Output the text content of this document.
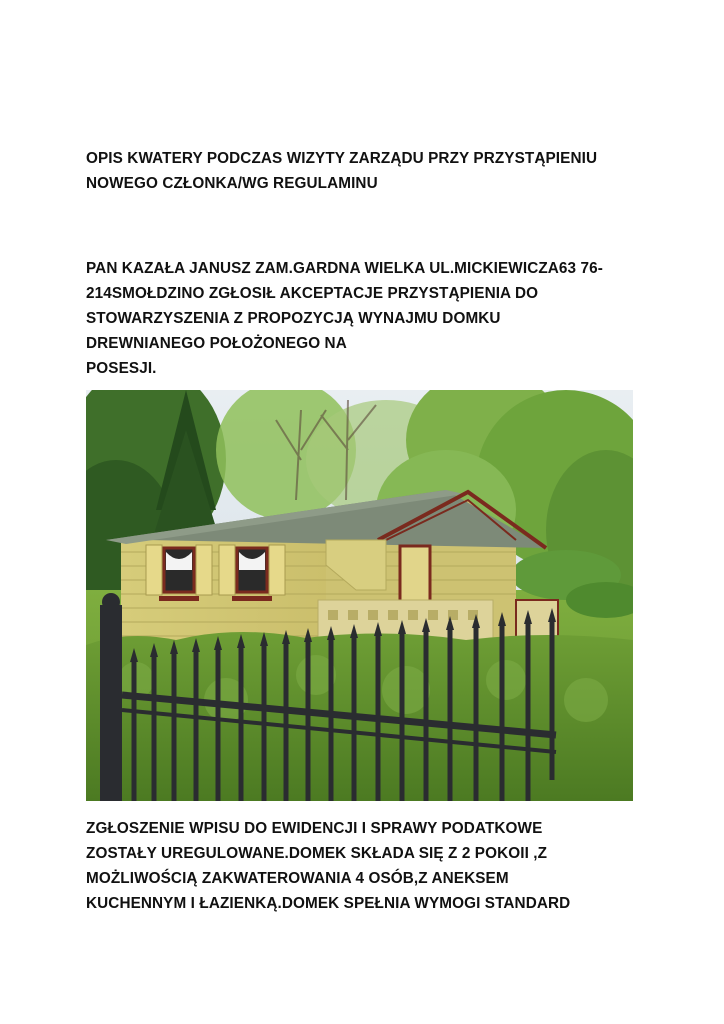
OPIS KWATERY PODCZAS WIZYTY ZARZĄDU PRZY PRZYSTĄPIENIU
NOWEGO CZŁONKA/WG REGULAMINU
PAN KAZAŁA JANUSZ ZAM.GARDNA WIELKA UL.MICKIEWICZA63 76-
214SMOŁDZINO ZGŁOSIŁ AKCEPTACJE PRZYSTĄPIENIA DO
STOWARZYSZENIA Z PROPOZYCJĄ WYNAJMU DOMKU
DREWNIANEGO POŁOŻONEGO NA
POSESJI.
ZGŁOSZENIE WPISU DO EWIDENCJI I SPRAWY PODATKOWE
ZOSTAŁY UREGULOWANE.DOMEK SKŁADA SIĘ Z 2 POKOII ,Z
MOŻLIWOŚCIĄ ZAKWATEROWANIA 4 OSÓB,Z ANEKSEM
KUCHENNYM I ŁAZIENKĄ.DOMEK SPEŁNIA WYMOGI STANDARD
